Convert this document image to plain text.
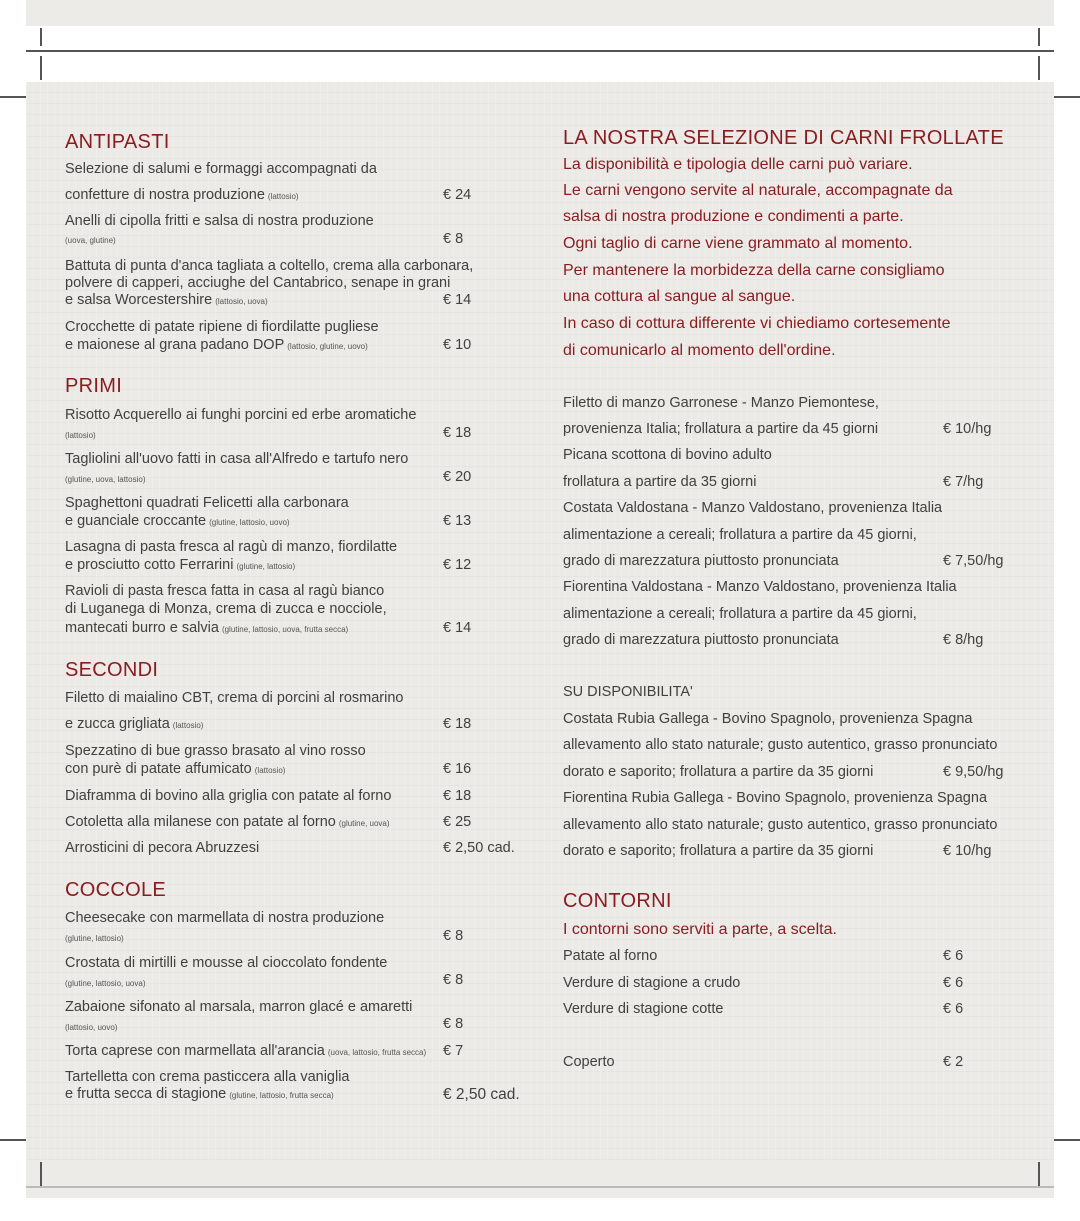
ANTIPASTI
Selezione di salumi e formaggi accompagnati da
confetture di nostra produzione (lattosio)	€ 24
Anelli di cipolla fritti e salsa di nostra produzione
(uova, glutine)	€ 8
Battuta di punta d'anca tagliata a coltello, crema alla carbonara,
polvere di capperi, acciughe del Cantabrico, senape in grani
e salsa Worcestershire (lattosio, uova)	€ 14
Crocchette di patate ripiene di fiordilatte pugliese
e maionese al grana padano DOP (lattosio, glutine, uovo)	€ 10
PRIMI
Risotto Acquerello ai funghi porcini ed erbe aromatiche
(lattosio)	€ 18
Tagliolini all'uovo fatti in casa all'Alfredo e tartufo nero
(glutine, uova, lattosio)	€ 20
Spaghettoni quadrati Felicetti alla carbonara
e guanciale croccante (glutine, lattosio, uovo)	€ 13
Lasagna di pasta fresca al ragù di manzo, fiordilatte
e prosciutto cotto Ferrarini (glutine, lattosio)	€ 12
Ravioli di pasta fresca fatta in casa al ragù bianco
di Luganega di Monza, crema di zucca e nocciole,
mantecati burro e salvia (glutine, lattosio, uova, frutta secca)	€ 14
SECONDI
Filetto di maialino CBT, crema di porcini al rosmarino
e zucca grigliata (lattosio)	€ 18
Spezzatino di bue grasso brasato al vino rosso
con purè di patate affumicato (lattosio)	€ 16
Diaframma di bovino alla griglia con patate al forno	€ 18
Cotoletta alla milanese con patate al forno (glutine, uova)	€ 25
Arrosticini di pecora Abruzzesi	€ 2,50 cad.
COCCOLE
Cheesecake con marmellata di nostra produzione
(glutine, lattosio)	€ 8
Crostata di mirtilli e mousse al cioccolato fondente
(glutine, lattosio, uova)	€ 8
Zabaione sifonato al marsala, marron glacé e amaretti
(lattosio, uovo)	€ 8
Torta caprese con marmellata all'arancia (uova, lattosio, frutta secca) € 7
Tartelletta con crema pasticcera alla vaniglia
e frutta secca di stagione (glutine, lattosio, frutta secca)	€ 2,50 cad.
LA NOSTRA SELEZIONE DI CARNI FROLLATE
La disponibilità e tipologia delle carni può variare.
Le carni vengono servite al naturale, accompagnate da
salsa di nostra produzione e condimenti a parte.
Ogni taglio di carne viene grammato al momento.
Per mantenere la morbidezza della carne consigliamo
una cottura al sangue al sangue.
In caso di cottura differente vi chiediamo cortesemente
di comunicarlo al momento dell'ordine.
Filetto di manzo Garronese - Manzo Piemontese,
provenienza Italia; frollatura a partire da 45 giorni	€ 10/hg
Picana scottona di bovino adulto
frollatura a partire da 35 giorni	€ 7/hg
Costata Valdostana - Manzo Valdostano, provenienza Italia
alimentazione a cereali; frollatura a partire da 45 giorni,
grado di marezzatura piuttosto pronunciata	€ 7,50/hg
Fiorentina Valdostana - Manzo Valdostano, provenienza Italia
alimentazione a cereali; frollatura a partire da 45 giorni,
grado di marezzatura piuttosto pronunciata	€ 8/hg
SU DISPONIBILITA'
Costata Rubia Gallega - Bovino Spagnolo, provenienza Spagna
allevamento allo stato naturale; gusto autentico, grasso pronunciato
dorato e saporito; frollatura a partire da 35 giorni	€ 9,50/hg
Fiorentina Rubia Gallega - Bovino Spagnolo, provenienza Spagna
allevamento allo stato naturale; gusto autentico, grasso pronunciato
dorato e saporito; frollatura a partire da 35 giorni	€ 10/hg
CONTORNI
I contorni sono serviti a parte, a scelta.
Patate al forno	€ 6
Verdure di stagione a crudo	€ 6
Verdure di stagione cotte	€ 6
Coperto	€ 2
